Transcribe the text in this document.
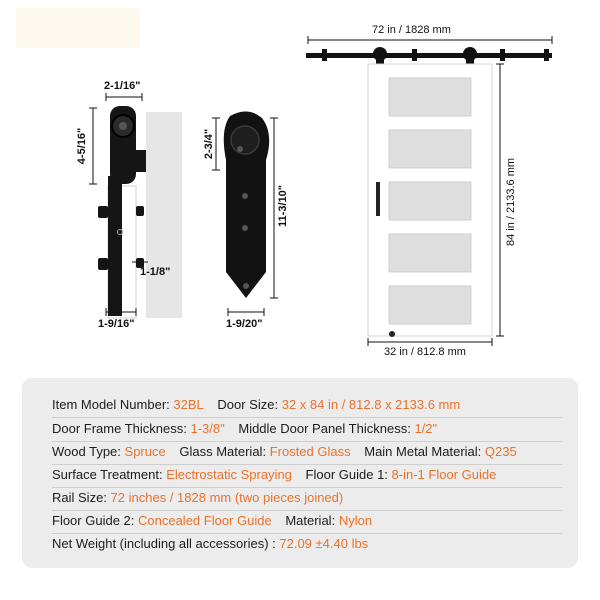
2-1/16"
4-5/16"
1-1/8"
1-9/16"
2-3/4"
11-3/10"
1-9/20"
72 in / 1828 mm
84 in / 2133.6 mm
32 in / 812.8 mm
Item Model Number: 32BL Door Size: 32 x 84 in / 812.8 x 2133.6 mm
Door Frame Thickness: 1-3/8" Middle Door Panel Thickness: 1/2"
Wood Type: Spruce Glass Material: Frosted Glass Main Metal Material: Q235
Surface Treatment: Electrostatic Spraying Floor Guide 1: 8-in-1 Floor Guide
Rail Size: 72 inches / 1828 mm (two pieces joined)
Floor Guide 2: Concealed Floor Guide Material: Nylon
Net Weight (including all accessories) : 72.09 ±4.40 lbs
